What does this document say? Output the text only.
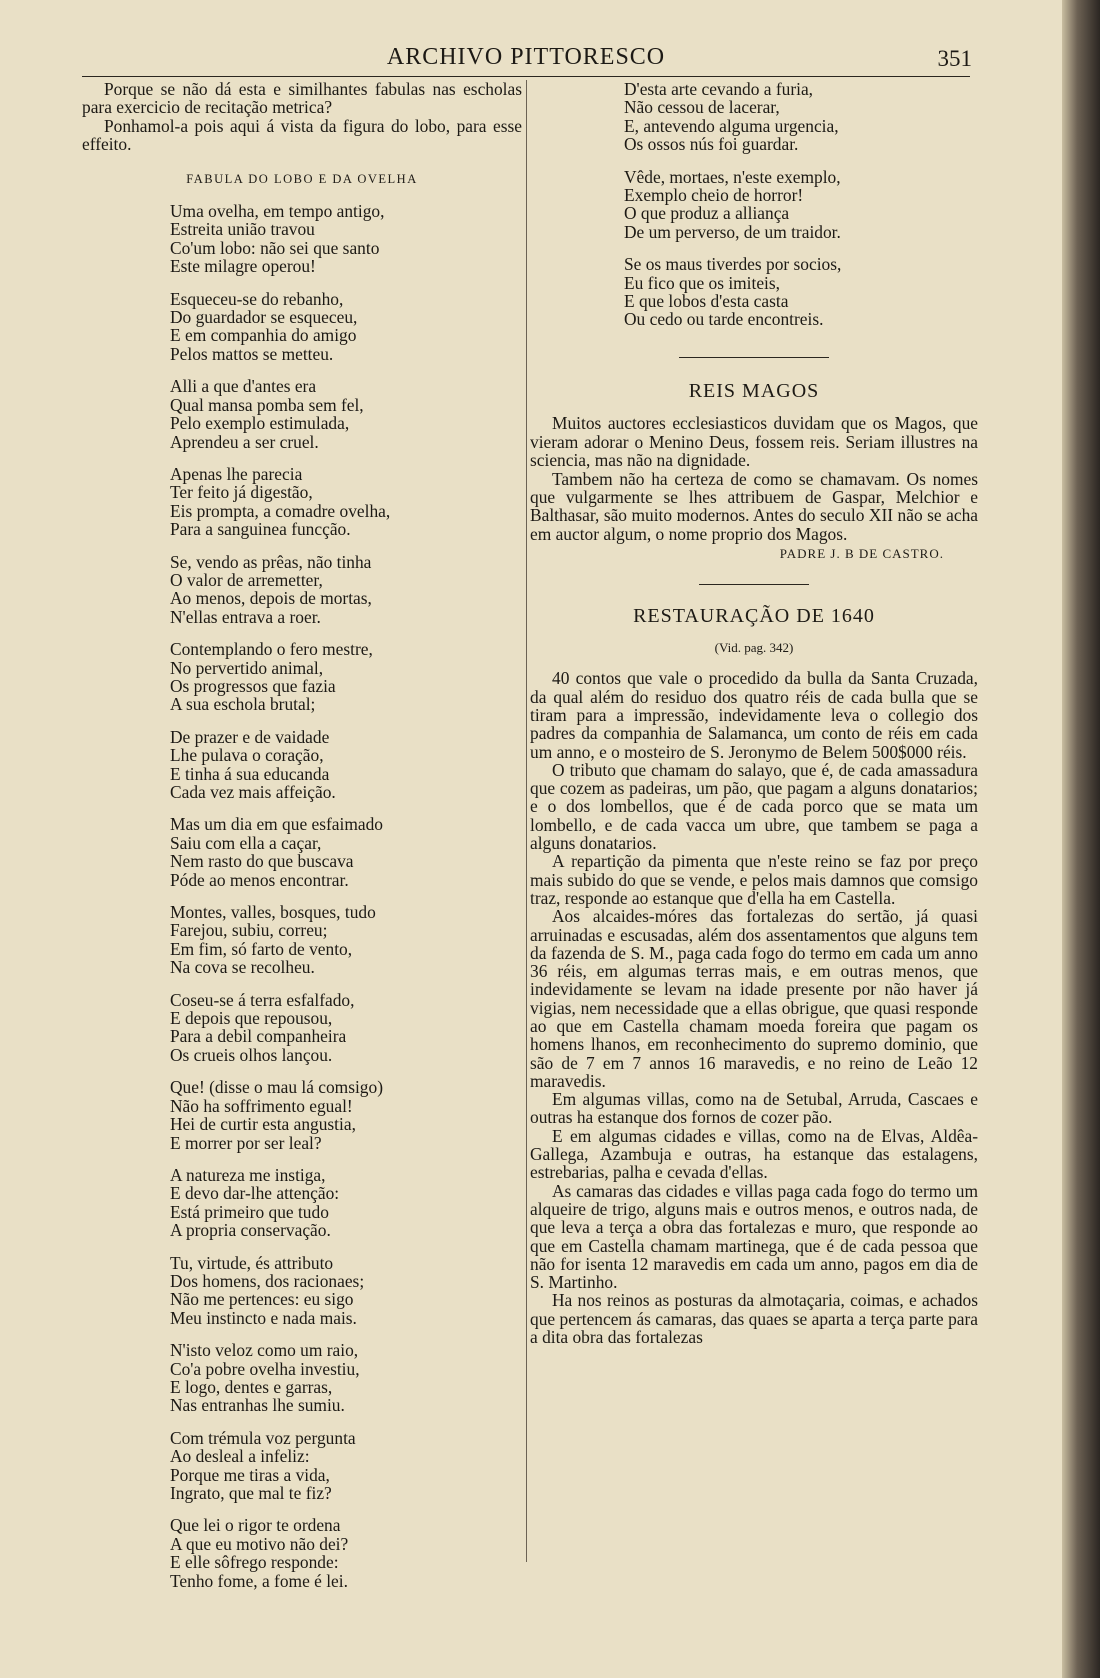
ARCHIVO PITTORESCO	351

Porque se não dá esta e similhantes fabulas nas escholas para exercicio de recitação metrica?

Ponhamol-a pois aqui á vista da figura do lobo, para esse effeito.

FABULA DO LOBO E DA OVELHA
Uma ovelha, em tempo antigo,
Estreita união travou
Co'um lobo: não sei que santo
Este milagre operou!
Esqueceu-se do rebanho,
Do guardador se esqueceu,
E em companhia do amigo
Pelos mattos se metteu.
Alli a que d'antes era
Qual mansa pomba sem fel,
Pelo exemplo estimulada,
Aprendeu a ser cruel.
Apenas lhe parecia
Ter feito já digestão,
Eis prompta, a comadre ovelha,
Para a sanguinea funcção.
Se, vendo as prêas, não tinha
O valor de arremetter,
Ao menos, depois de mortas,
N'ellas entrava a roer.
Contemplando o fero mestre,
No pervertido animal,
Os progressos que fazia
A sua eschola brutal;
De prazer e de vaidade
Lhe pulava o coração,
E tinha á sua educanda
Cada vez mais affeição.
Mas um dia em que esfaimado
Saiu com ella a caçar,
Nem rasto do que buscava
Póde ao menos encontrar.
Montes, valles, bosques, tudo
Farejou, subiu, correu;
Em fim, só farto de vento,
Na cova se recolheu.
Coseu-se á terra esfalfado,
E depois que repousou,
Para a debil companheira
Os crueis olhos lançou.
Que! (disse o mau lá comsigo)
Não ha soffrimento egual!
Hei de curtir esta angustia,
E morrer por ser leal?
A natureza me instiga,
E devo dar-lhe attenção:
Está primeiro que tudo
A propria conservação.
Tu, virtude, és attributo
Dos homens, dos racionaes;
Não me pertences: eu sigo
Meu instincto e nada mais.
N'isto veloz como um raio,
Co'a pobre ovelha investiu,
E logo, dentes e garras,
Nas entranhas lhe sumiu.
Com trémula voz pergunta
Ao desleal a infeliz:
Porque me tiras a vida,
Ingrato, que mal te fiz?
Que lei o rigor te ordena
A que eu motivo não dei?
E elle sôfrego responde:
Tenho fome, a fome é lei.
D'esta arte cevando a furia,
Não cessou de lacerar,
E, antevendo alguma urgencia,
Os ossos nús foi guardar.
Vêde, mortaes, n'este exemplo,
Exemplo cheio de horror!
O que produz a alliança
De um perverso, de um traidor.
Se os maus tiverdes por socios,
Eu fico que os imiteis,
E que lobos d'esta casta
Ou cedo ou tarde encontreis.
REIS MAGOS

Muitos auctores ecclesiasticos duvidam que os Magos, que vieram adorar o Menino Deus, fossem reis. Seriam illustres na sciencia, mas não na dignidade.

Tambem não ha certeza de como se chamavam. Os nomes que vulgarmente se lhes attribuem de Gaspar, Melchior e Balthasar, são muito modernos. Antes do seculo XII não se acha em auctor algum, o nome proprio dos Magos.

PADRE J. B DE CASTRO.
RESTAURAÇÃO DE 1640
(Vid. pag. 342)

40 contos que vale o procedido da bulla da Santa Cruzada, da qual além do residuo dos quatro réis de cada bulla que se tiram para a impressão, indevidamente leva o collegio dos padres da companhia de Salamanca, um conto de réis em cada um anno, e o mosteiro de S. Jeronymo de Belem 500$000 réis.

O tributo que chamam do salayo, que é, de cada amassadura que cozem as padeiras, um pão, que pagam a alguns donatarios; e o dos lombellos, que é de cada porco que se mata um lombello, e de cada vacca um ubre, que tambem se paga a alguns donatarios.

A repartição da pimenta que n'este reino se faz por preço mais subido do que se vende, e pelos mais damnos que comsigo traz, responde ao estanque que d'ella ha em Castella.

Aos alcaides-móres das fortalezas do sertão, já quasi arruinadas e escusadas, além dos assentamentos que alguns tem da fazenda de S. M., paga cada fogo do termo em cada um anno 36 réis, em algumas terras mais, e em outras menos, que indevidamente se levam na idade presente por não haver já vigias, nem necessidade que a ellas obrigue, que quasi responde ao que em Castella chamam moeda foreira que pagam os homens lhanos, em reconhecimento do supremo dominio, que são de 7 em 7 annos 16 maravedis, e no reino de Leão 12 maravedis.

Em algumas villas, como na de Setubal, Arruda, Cascaes e outras ha estanque dos fornos de cozer pão.

E em algumas cidades e villas, como na de Elvas, Aldêa-Gallega, Azambuja e outras, ha estanque das estalagens, estrebarias, palha e cevada d'ellas.

As camaras das cidades e villas paga cada fogo do termo um alqueire de trigo, alguns mais e outros menos, e outros nada, de que leva a terça a obra das fortalezas e muro, que responde ao que em Castella chamam martinega, que é de cada pessoa que não for isenta 12 maravedis em cada um anno, pagos em dia de S. Martinho.

Ha nos reinos as posturas da almotaçaria, coimas, e achados que pertencem ás camaras, das quaes se aparta a terça parte para a dita obra das fortalezas
